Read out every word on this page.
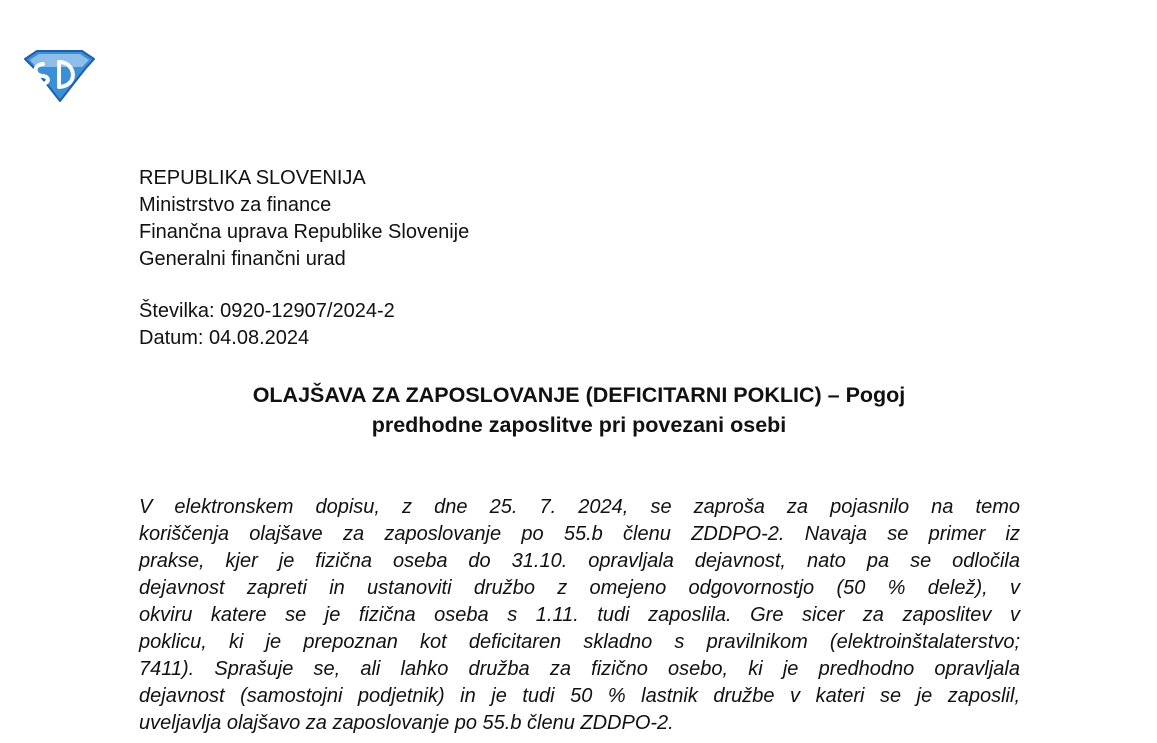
SD
REPUBLIKA SLOVENIJA
Ministrstvo za finance
Finančna uprava Republike Slovenije
Generalni finančni urad
Številka: 0920-12907/2024-2
Datum: 04.08.2024
OLAJŠAVA ZA ZAPOSLOVANJE (DEFICITARNI POKLIC) – Pogoj
predhodne zaposlitve pri povezani osebi
V elektronskem dopisu, z dne 25. 7. 2024, se zaproša za pojasnilo na temo
koriščenja olajšave za zaposlovanje po 55.b členu ZDDPO-2. Navaja se primer iz
prakse, kjer je fizična oseba do 31.10. opravljala dejavnost, nato pa se odločila
dejavnost zapreti in ustanoviti družbo z omejeno odgovornostjo (50 % delež), v
okviru katere se je fizična oseba s 1.11. tudi zaposlila. Gre sicer za zaposlitev v
poklicu, ki je prepoznan kot deficitaren skladno s pravilnikom (elektroinštalaterstvo;
7411). Sprašuje se, ali lahko družba za fizično osebo, ki je predhodno opravljala
dejavnost (samostojni podjetnik) in je tudi 50 % lastnik družbe v kateri se je zaposlil,
uveljavlja olajšavo za zaposlovanje po 55.b členu ZDDPO-2.
